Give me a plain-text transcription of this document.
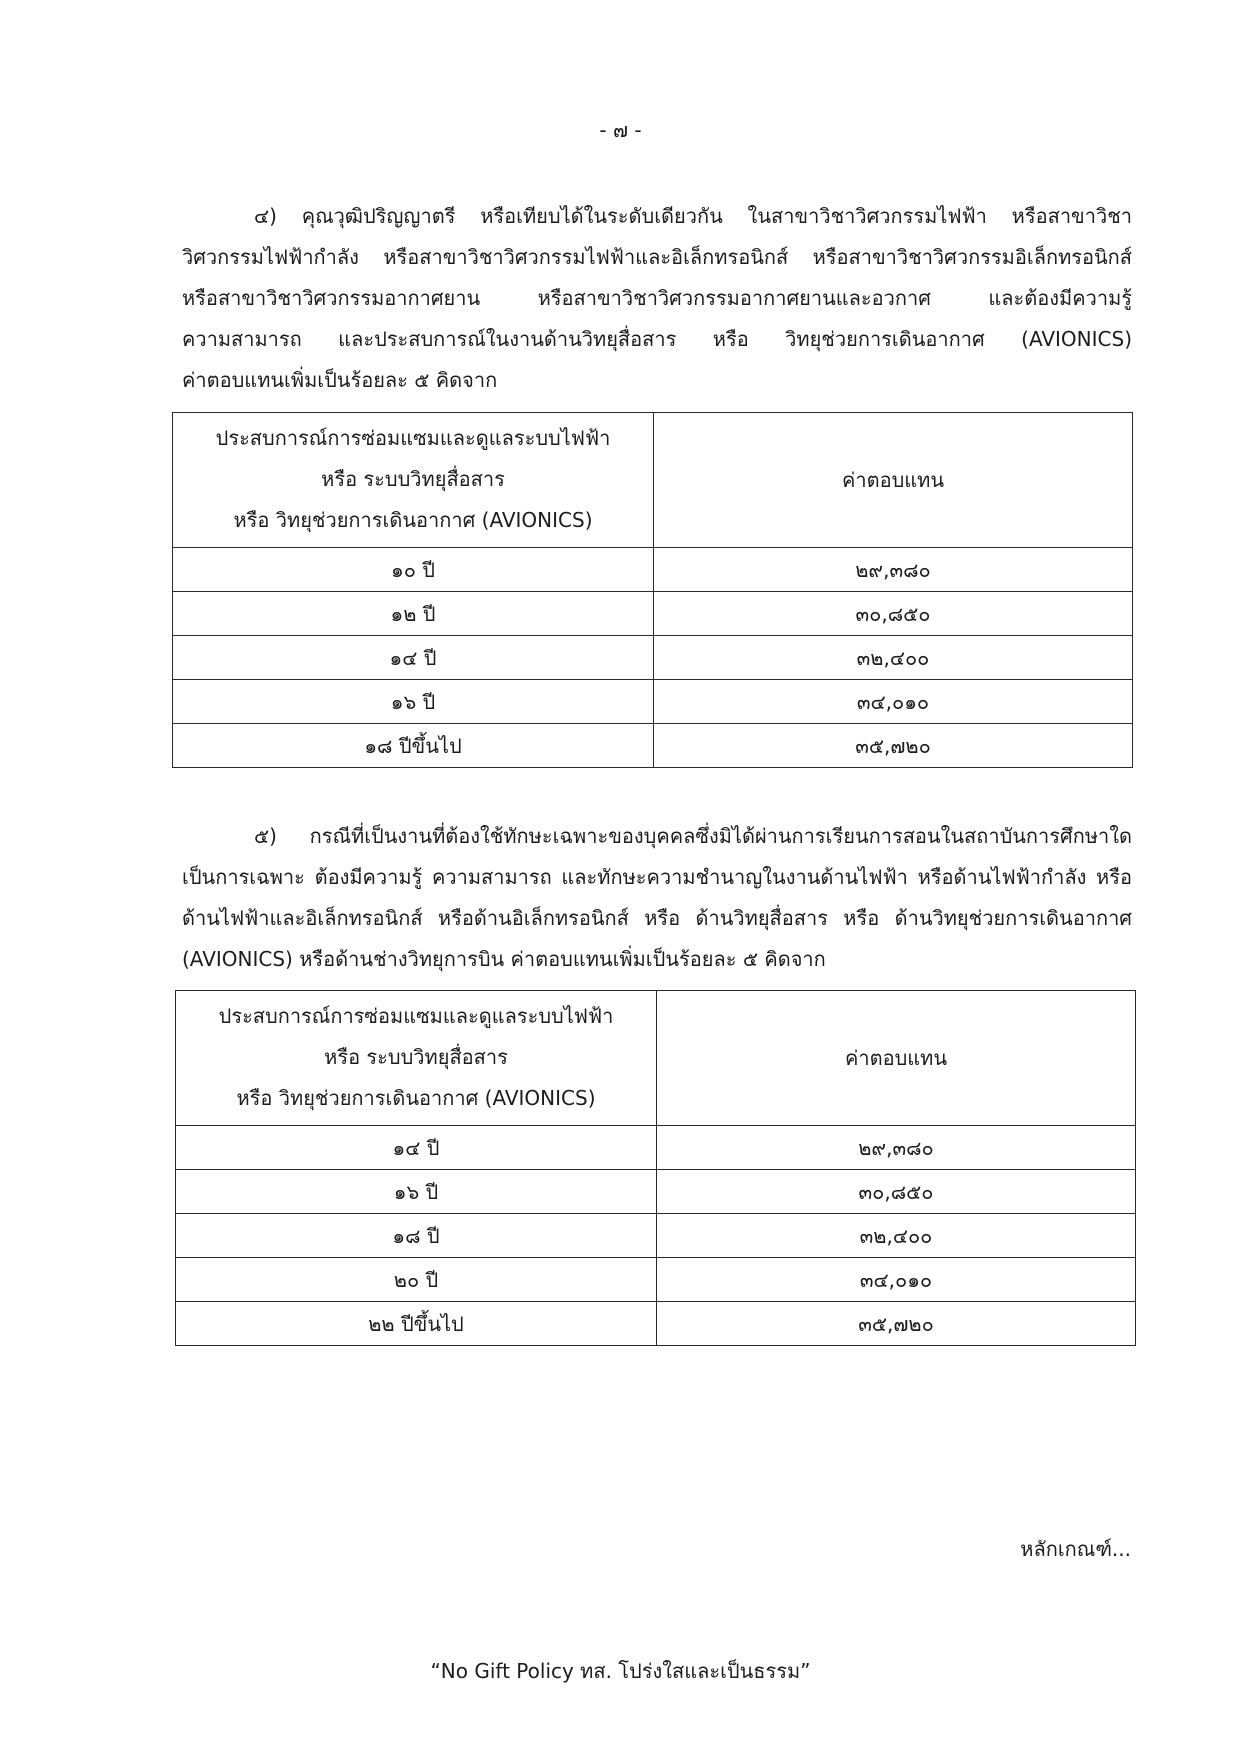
- ๗ -
๔) คุณวุฒิปริญญาตรี หรือเทียบได้ในระดับเดียวกัน ในสาขาวิชาวิศวกรรมไฟฟ้า หรือสาขาวิชา
วิศวกรรมไฟฟ้ากำลัง หรือสาขาวิชาวิศวกรรมไฟฟ้าและอิเล็กทรอนิกส์ หรือสาขาวิชาวิศวกรรมอิเล็กทรอนิกส์
หรือสาขาวิชาวิศวกรรมอากาศยาน หรือสาขาวิชาวิศวกรรมอากาศยานและอวกาศ และต้องมีความรู้
ความสามารถ และประสบการณ์ในงานด้านวิทยุสื่อสาร หรือ วิทยุช่วยการเดินอากาศ (AVIONICS)
ค่าตอบแทนเพิ่มเป็นร้อยละ ๕ คิดจาก
ประสบการณ์การซ่อมแซมและดูแลระบบไฟฟ้า
หรือ ระบบวิทยุสื่อสาร
หรือ วิทยุช่วยการเดินอากาศ (AVIONICS)	ค่าตอบแทน
๑๐ ปี	๒๙,๓๘๐
๑๒ ปี	๓๐,๘๕๐
๑๔ ปี	๓๒,๔๐๐
๑๖ ปี	๓๔,๐๑๐
๑๘ ปีขึ้นไป	๓๕,๗๒๐
๕) กรณีที่เป็นงานที่ต้องใช้ทักษะเฉพาะของบุคคลซึ่งมิได้ผ่านการเรียนการสอนในสถาบันการศึกษาใด
เป็นการเฉพาะ ต้องมีความรู้ ความสามารถ และทักษะความชำนาญในงานด้านไฟฟ้า หรือด้านไฟฟ้ากำลัง หรือ
ด้านไฟฟ้าและอิเล็กทรอนิกส์ หรือด้านอิเล็กทรอนิกส์ หรือ ด้านวิทยุสื่อสาร หรือ ด้านวิทยุช่วยการเดินอากาศ
(AVIONICS) หรือด้านช่างวิทยุการบิน ค่าตอบแทนเพิ่มเป็นร้อยละ ๕ คิดจาก
ประสบการณ์การซ่อมแซมและดูแลระบบไฟฟ้า
หรือ ระบบวิทยุสื่อสาร
หรือ วิทยุช่วยการเดินอากาศ (AVIONICS)	ค่าตอบแทน
๑๔ ปี	๒๙,๓๘๐
๑๖ ปี	๓๐,๘๕๐
๑๘ ปี	๓๒,๔๐๐
๒๐ ปี	๓๔,๐๑๐
๒๒ ปีขึ้นไป	๓๕,๗๒๐
หลักเกณฑ์...
“No Gift Policy ทส. โปร่งใสและเป็นธรรม”
